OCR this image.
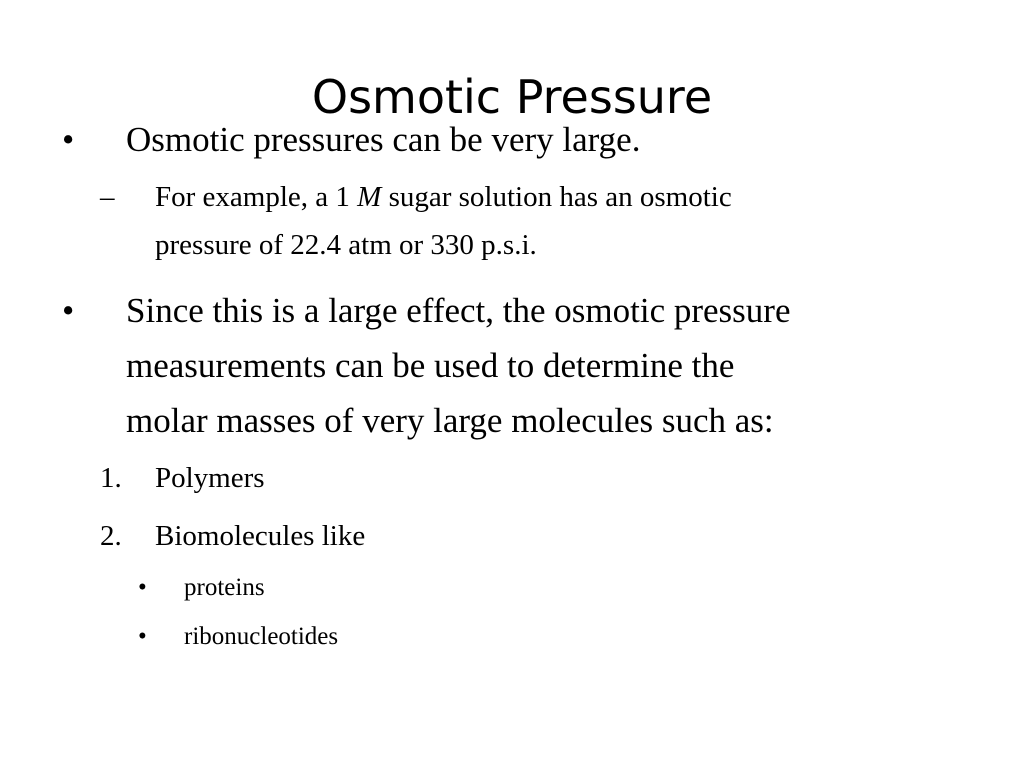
Osmotic Pressure
• Osmotic pressures can be very large.
– For example, a 1 M sugar solution has an osmotic
pressure of 22.4 atm or 330 p.s.i.
• Since this is a large effect, the osmotic pressure
measurements can be used to determine the
molar masses of very large molecules such as:
1. Polymers
2. Biomolecules like
• proteins
• ribonucleotides
